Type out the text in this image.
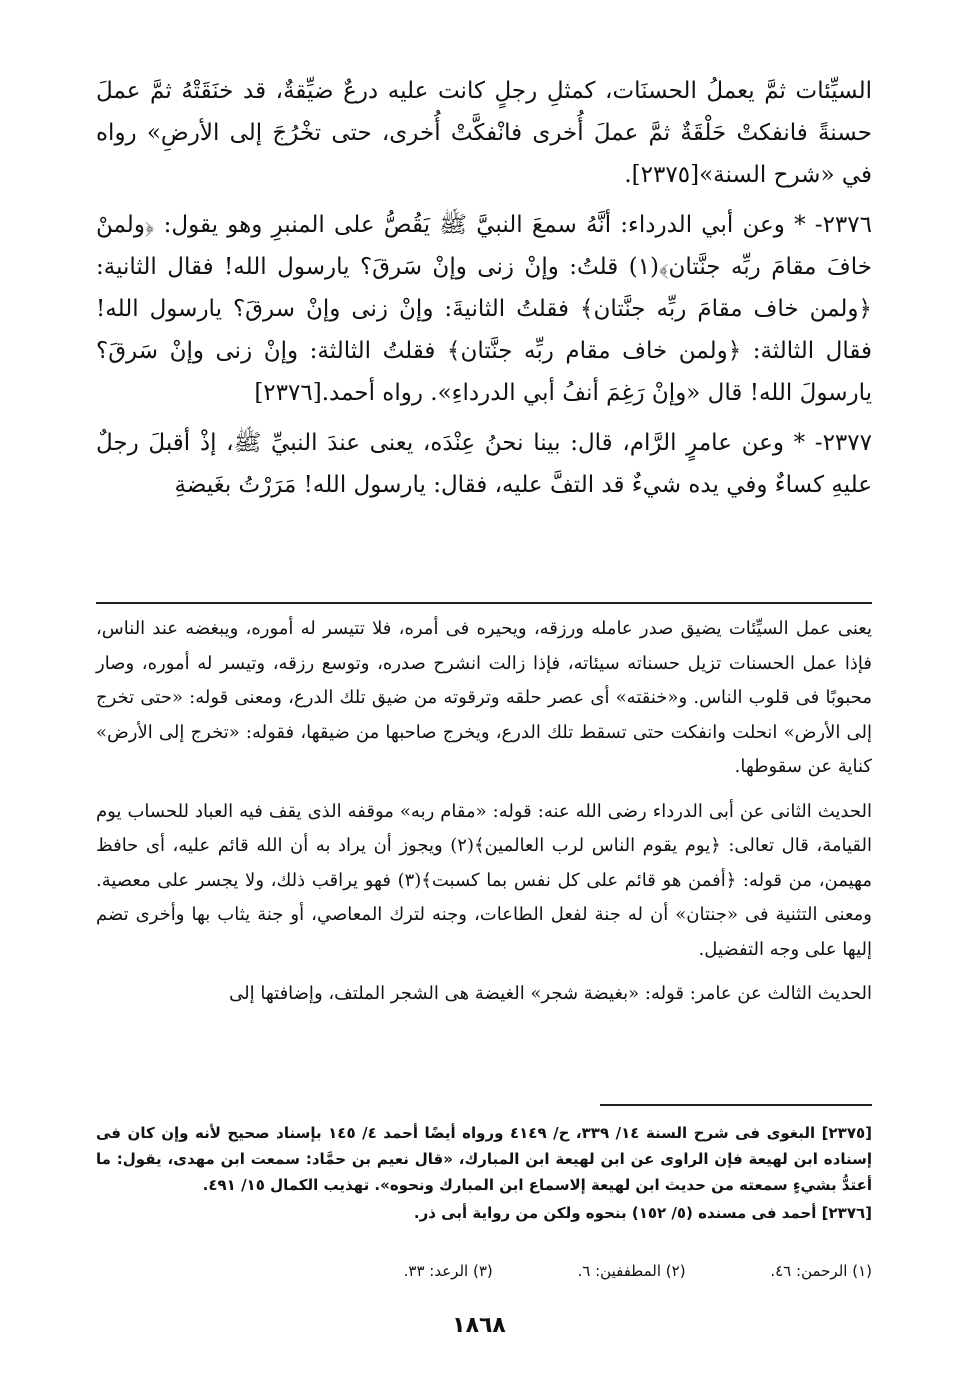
السيِّئات ثمَّ يعملُ الحسنَات، كمثلِ رجلٍ كانت عليه درعٌ ضيِّقةٌ، قد خنَقَتْهُ ثمَّ عملَ حسنةً فانفكتْ حَلْقَةٌ ثمَّ عملَ أُخرى فانْفكَّتْ أُخرى، حتى تخْرُجَ إلى الأرضِ» رواه في «شرح السنة»[٢٣٧٥].

٢٣٧٦- * وعن أبي الدرداء: أنَّهُ سمعَ النبيَّ ﷺ يَقُصُّ على المنبرِ وهو يقول: ﴿ولمنْ خافَ مقامَ ربِّه جنَّتان﴾(١) قلتُ: وإنْ زنى وإنْ سَرقَ؟ يارسول الله! فقال الثانية: ﴿ولمن خاف مقامَ ربِّه جنَّتان﴾ فقلتُ الثانيةَ: وإنْ زنى وإنْ سرقَ؟ يارسول الله! فقال الثالثة: ﴿ولمن خاف مقام ربِّه جنَّتان﴾ فقلتُ الثالثة: وإنْ زنى وإنْ سَرقَ؟ يارسولَ الله! قال «وإنْ رَغِمَ أنفُ أبي الدرداءِ». رواه أحمد.[٢٣٧٦]

٢٣٧٧- * وعن عامرٍ الرَّام، قال: بينا نحنُ عِنْدَه، يعنى عندَ النبيِّ ﷺ، إذْ أقبلَ رجلٌ عليهِ كساءٌ وفي يده شيءٌ قد التفَّ عليه، فقال: يارسول الله! مَرَرْتُ بغَيضةِ

يعنى عمل السيِّئات يضيق صدر عامله ورزقه، ويحيره فى أمره، فلا تتيسر له أموره، ويبغضه عند الناس، فإذا عمل الحسنات تزيل حسناته سيئاته، فإذا زالت انشرح صدره، وتوسع رزقه، وتيسر له أموره، وصار محبوبًا فى قلوب الناس. و«خنقته» أى عصر حلقه وترقوته من ضيق تلك الدرع، ومعنى قوله: «حتى تخرج إلى الأرض» انحلت وانفكت حتى تسقط تلك الدرع، ويخرج صاحبها من ضيقها، فقوله: «تخرج إلى الأرض» كناية عن سقوطها.

الحديث الثانى عن أبى الدرداء رضى الله عنه: قوله: «مقام ربه» موقفه الذى يقف فيه العباد للحساب يوم القيامة، قال تعالى: ﴿يوم يقوم الناس لرب العالمين﴾(٢) ويجوز أن يراد به أن الله قائم عليه، أى حافظ مهيمن، من قوله: ﴿أفمن هو قائم على كل نفس بما كسبت﴾(٣) فهو يراقب ذلك، ولا يجسر على معصية. ومعنى التثنية فى «جنتان» أن له جنة لفعل الطاعات، وجنه لترك المعاصي، أو جنة يثاب بها وأخرى تضم إليها على وجه التفضيل.

الحديث الثالث عن عامر: قوله: «بغيضة شجر» الغيضة هى الشجر الملتف، وإضافتها إلى

[٢٣٧٥] البغوى فى شرح السنة ١٤/ ٣٣٩، ح/ ٤١٤٩ ورواه أيضًا أحمد ٤/ ١٤٥ بإسناد صحيح لأنه وإن كان فى إسناده ابن لهيعة فإن الراوى عن ابن لهيعة ابن المبارك، «قال نعيم بن حمَّاد: سمعت ابن مهدى، يقول: ما أعتدُّ بشيءٍ سمعته من حديث ابن لهيعة إلاسماع ابن المبارك ونحوه». تهذيب الكمال ١٥/ ٤٩١.

[٢٣٧٦] أحمد فى مسنده (٥/ ١٥٢) بنحوه ولكن من رواية أبى ذر.

(١) الرحمن: ٤٦. (٢) المطففين: ٦. (٣) الرعد: ٣٣.
١٨٦٨
